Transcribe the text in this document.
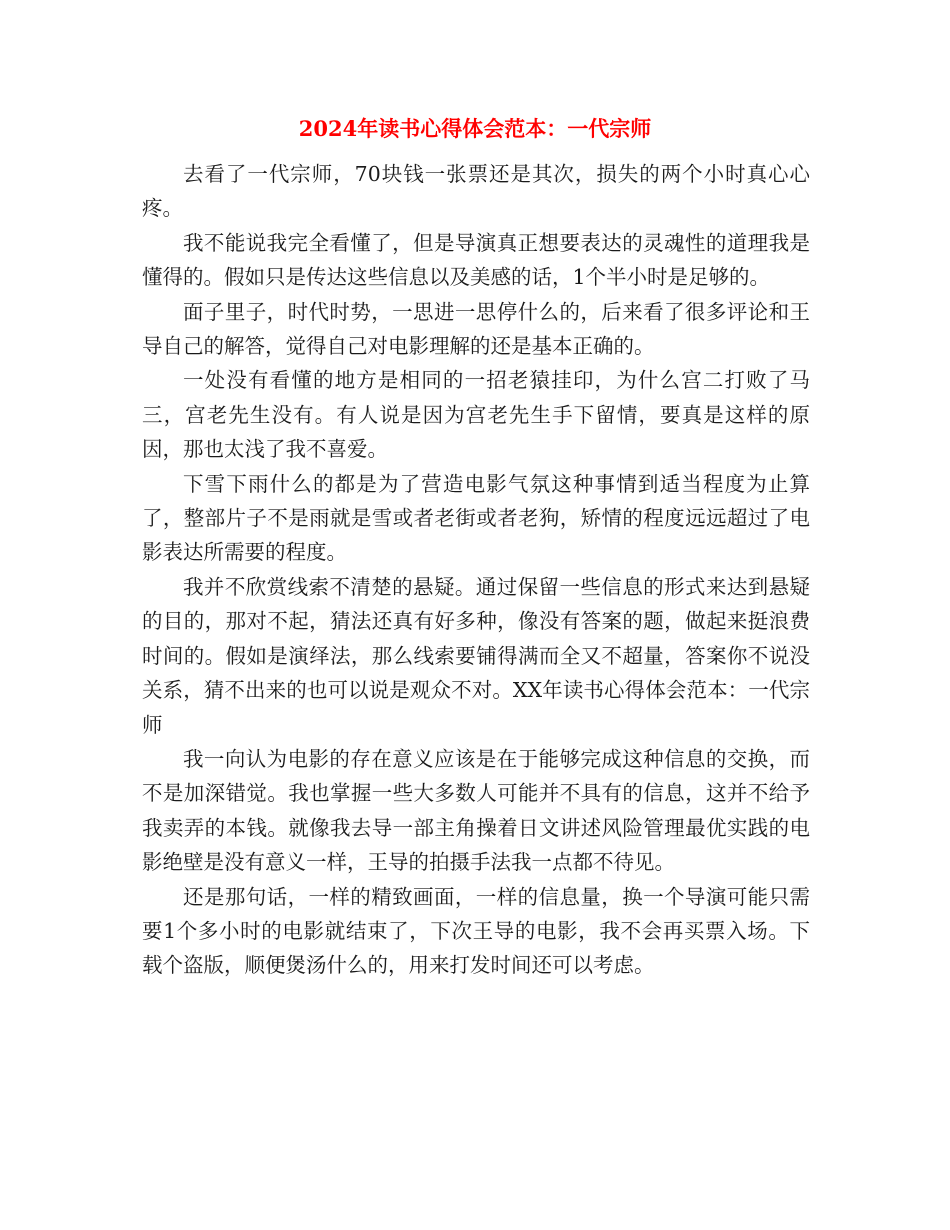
2024年读书心得体会范本：一代宗师

去看了一代宗师，70块钱一张票还是其次，损失的两个小时真心心疼。

我不能说我完全看懂了，但是导演真正想要表达的灵魂性的道理我是懂得的。假如只是传达这些信息以及美感的话，1个半小时是足够的。

面子里子，时代时势，一思进一思停什么的，后来看了很多评论和王导自己的解答，觉得自己对电影理解的还是基本正确的。

一处没有看懂的地方是相同的一招老猿挂印，为什么宫二打败了马三，宫老先生没有。有人说是因为宫老先生手下留情，要真是这样的原因，那也太浅了我不喜爱。

下雪下雨什么的都是为了营造电影气氛这种事情到适当程度为止算了，整部片子不是雨就是雪或者老街或者老狗，矫情的程度远远超过了电影表达所需要的程度。

我并不欣赏线索不清楚的悬疑。通过保留一些信息的形式来达到悬疑的目的，那对不起，猜法还真有好多种，像没有答案的题，做起来挺浪费时间的。假如是演绎法，那么线索要铺得满而全又不超量，答案你不说没关系，猜不出来的也可以说是观众不对。XX年读书心得体会范本：一代宗师

我一向认为电影的存在意义应该是在于能够完成这种信息的交换，而不是加深错觉。我也掌握一些大多数人可能并不具有的信息，这并不给予我卖弄的本钱。就像我去导一部主角操着日文讲述风险管理最优实践的电影绝壁是没有意义一样，王导的拍摄手法我一点都不待见。

还是那句话，一样的精致画面，一样的信息量，换一个导演可能只需要1个多小时的电影就结束了，下次王导的电影，我不会再买票入场。下载个盗版，顺便煲汤什么的，用来打发时间还可以考虑。
